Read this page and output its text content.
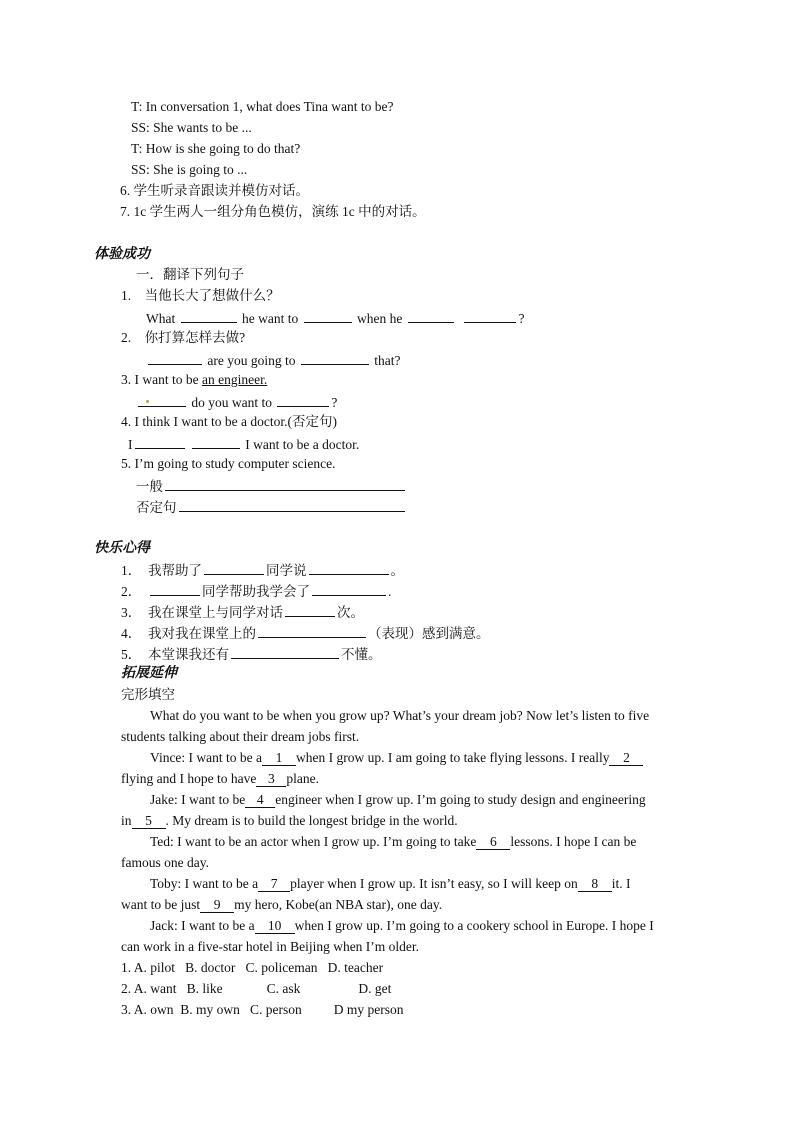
T: In conversation 1, what does Tina want to be?
SS: She wants to be ...
T: How is she going to do that?
SS: She is going to ...
6. 学生听录音跟读并模仿对话。
7. 1c 学生两人一组分角色模仿，演练 1c 中的对话。
体验成功
一．翻译下列句子
1. 当他长大了想做什么？
What	he want to	when he	?
2. 你打算怎样去做?
are you going to	that?
3. I want to be an engineer.
do you want to	?
4. I think I want to be a doctor.(否定句)
I	I want to be a doctor.
5. I’m going to study computer science.
一般
否定句
快乐心得
1． 我帮助了	同学说	。
2．	同学帮助我学会了	.
3． 我在课堂上与同学对话	次。
4． 我对我在课堂上的	（表现）感到满意。
5． 本堂课我还有	不懂。
拓展延伸
完形填空
What do you want to be when you grow up? What’s your dream job? Now let’s listen to five
students talking about their dream jobs first.
Vince: I want to be a 1 when I grow up. I am going to take flying lessons. I really 2
flying and I hope to have 3 plane.
Jake: I want to be 4 engineer when I grow up. I’m going to study design and engineering
in 5 . My dream is to build the longest bridge in the world.
Ted: I want to be an actor when I grow up. I’m going to take 6 lessons. I hope I can be
famous one day.
Toby: I want to be a 7 player when I grow up. It isn’t easy, so I will keep on 8 it. I
want to be just 9 my hero, Kobe(an NBA star), one day.
Jack: I want to be a 10 when I grow up. I’m going to a cookery school in Europe. I hope I
can work in a five-star hotel in Beijing when I’m older.
1. A. pilot B. doctor C. policeman D. teacher
2. A. want B. like	C. ask	D. get
3. A. own B. my own C. person D my person
